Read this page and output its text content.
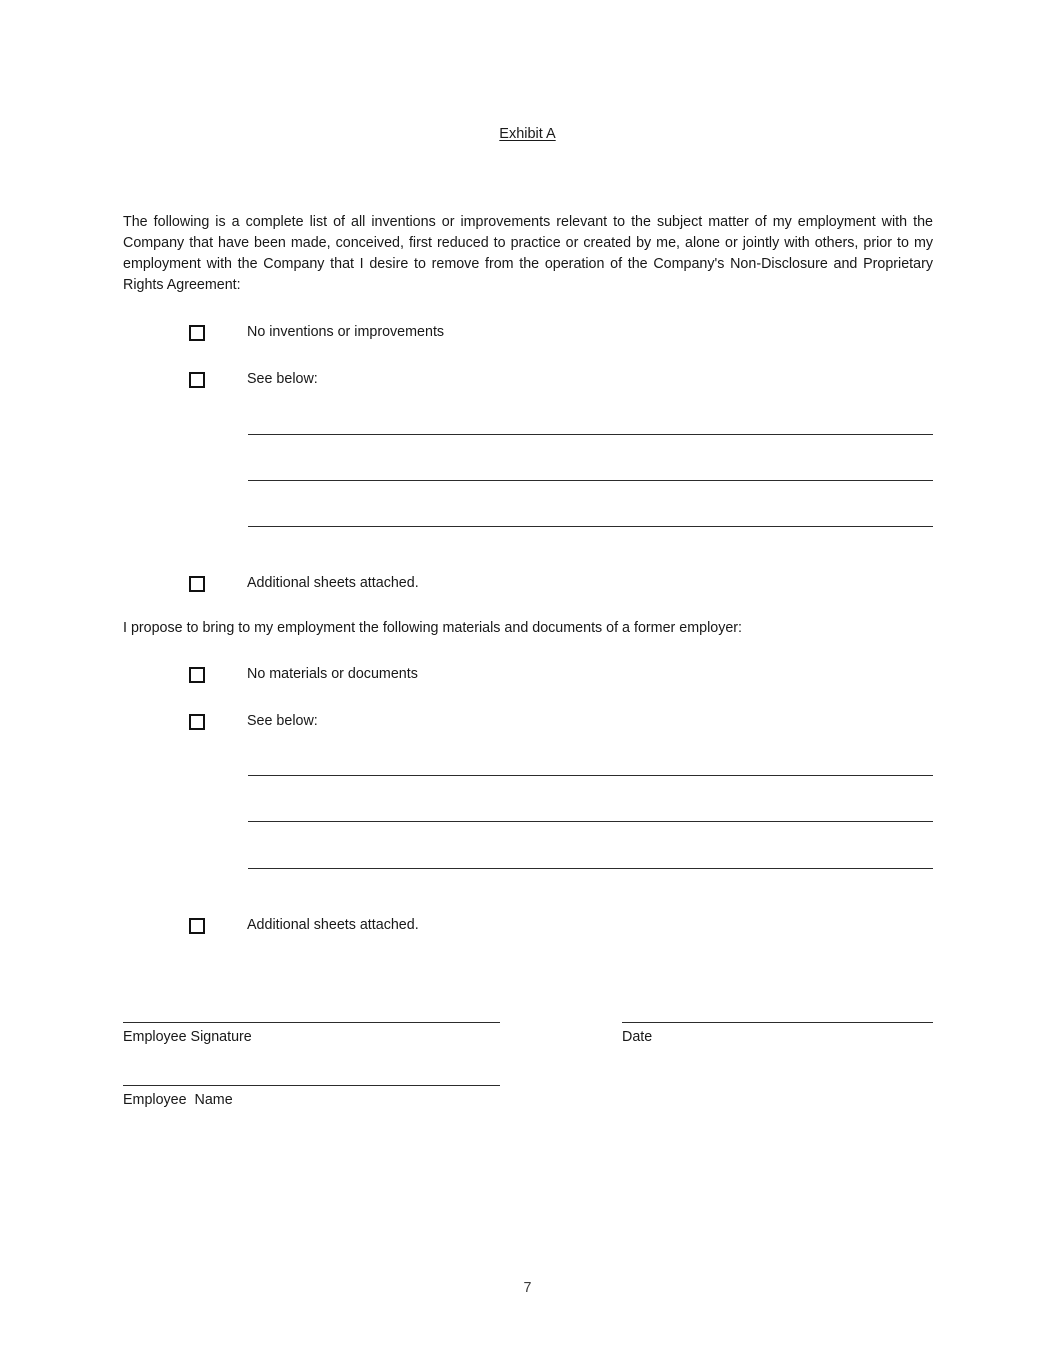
Exhibit A
The following is a complete list of all inventions or improvements relevant to the subject matter of my employment with the Company that have been made, conceived, first reduced to practice or created by me, alone or jointly with others, prior to my employment with the Company that I desire to remove from the operation of the Company's Non-Disclosure and Proprietary Rights Agreement:
No inventions or improvements
See below:
Additional sheets attached.
I propose to bring to my employment the following materials and documents of a former employer:
No materials or documents
See below:
Additional sheets attached.
Employee Signature	Date
Employee  Name
7
